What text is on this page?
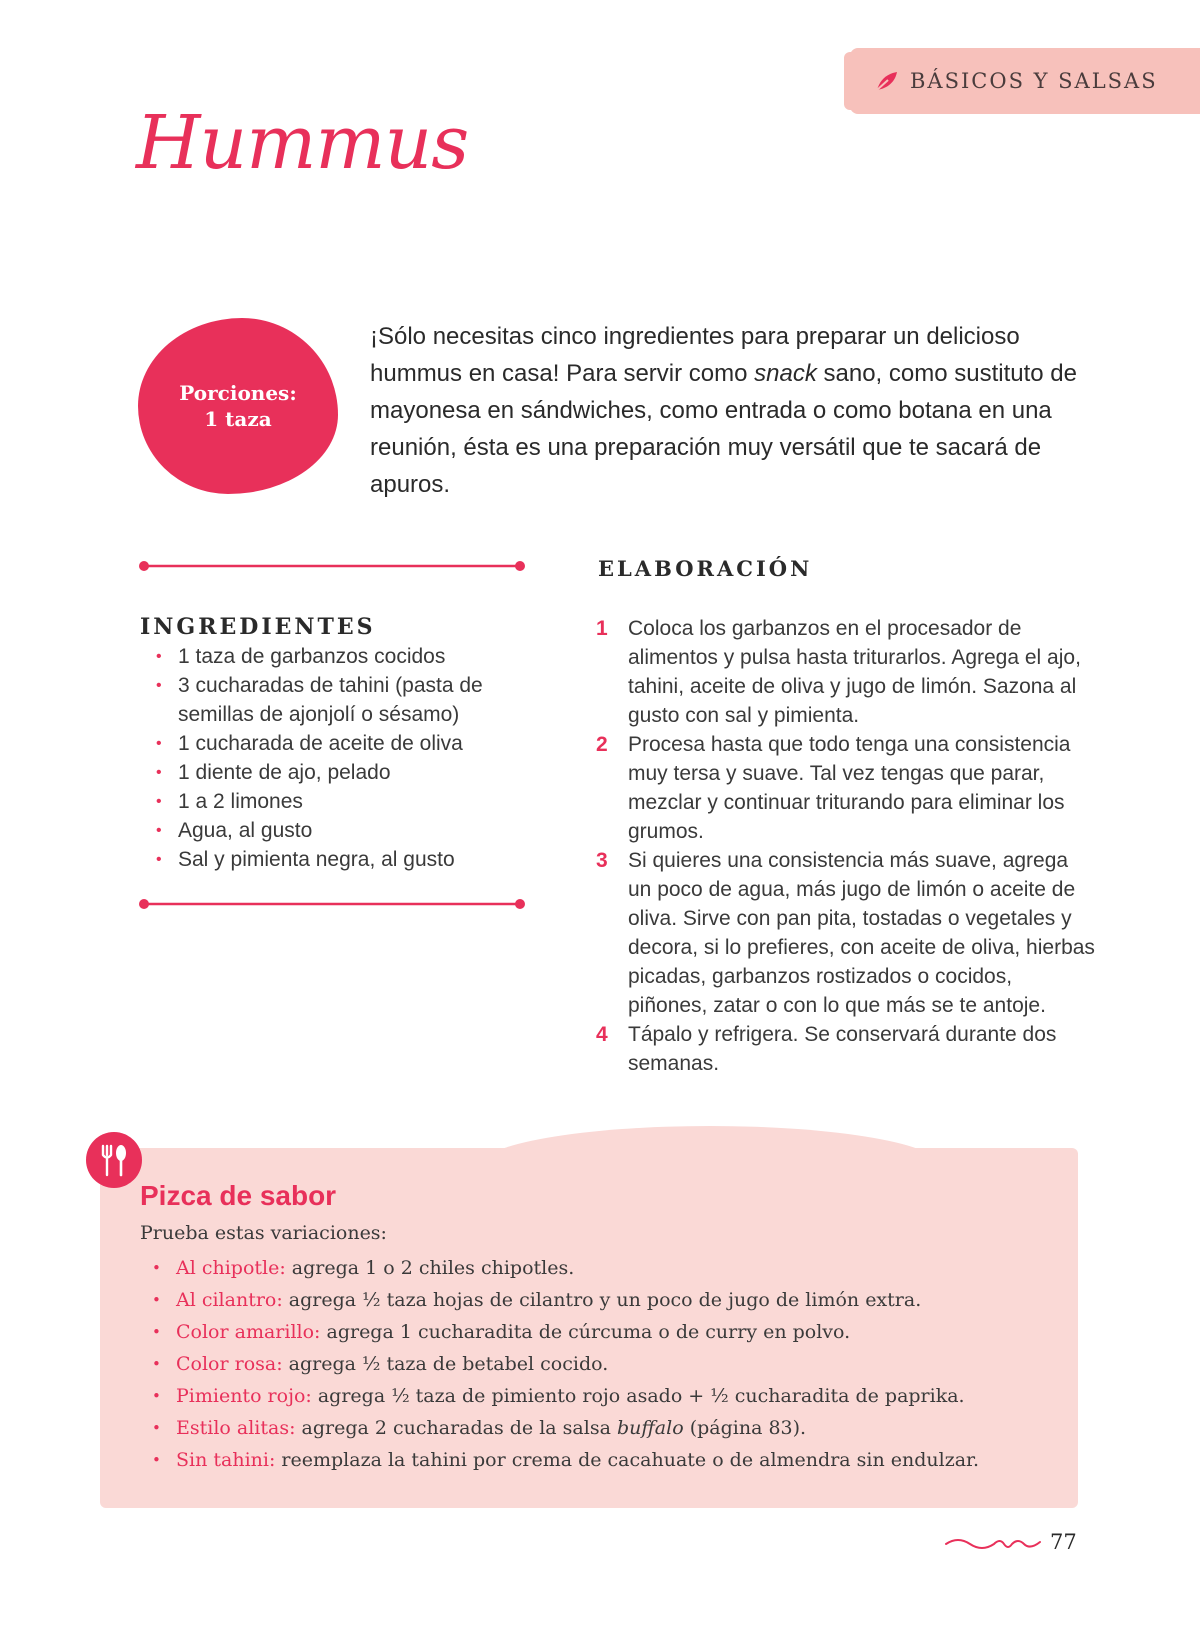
BÁSICOS Y SALSAS
Hummus
Porciones:
1 taza

¡Sólo necesitas cinco ingredientes para preparar un delicioso hummus en casa! Para servir como snack sano, como sustituto de mayonesa en sándwiches, como entrada o como botana en una reunión, ésta es una preparación muy versátil que te sacará de apuros.

INGREDIENTES
• 1 taza de garbanzos cocidos
• 3 cucharadas de tahini (pasta de semillas de ajonjolí o sésamo)
• 1 cucharada de aceite de oliva
• 1 diente de ajo, pelado
• 1 a 2 limones
• Agua, al gusto
• Sal y pimienta negra, al gusto
ELABORACIÓN
1 Coloca los garbanzos en el procesador de alimentos y pulsa hasta triturarlos. Agrega el ajo, tahini, aceite de oliva y jugo de limón. Sazona al gusto con sal y pimienta.
2 Procesa hasta que todo tenga una consistencia muy tersa y suave. Tal vez tengas que parar, mezclar y continuar triturando para eliminar los grumos.
3 Si quieres una consistencia más suave, agrega un poco de agua, más jugo de limón o aceite de oliva. Sirve con pan pita, tostadas o vegetales y decora, si lo prefieres, con aceite de oliva, hierbas picadas, garbanzos rostizados o cocidos, piñones, zatar o con lo que más se te antoje.
4 Tápalo y refrigera. Se conservará durante dos semanas.
Pizca de sabor

Prueba estas variaciones:

• Al chipotle: agrega 1 o 2 chiles chipotles.
• Al cilantro: agrega ½ taza hojas de cilantro y un poco de jugo de limón extra.
• Color amarillo: agrega 1 cucharadita de cúrcuma o de curry en polvo.
• Color rosa: agrega ½ taza de betabel cocido.
• Pimiento rojo: agrega ½ taza de pimiento rojo asado + ½ cucharadita de paprika.
• Estilo alitas: agrega 2 cucharadas de la salsa buffalo (página 83).
• Sin tahini: reemplaza la tahini por crema de cacahuate o de almendra sin endulzar.

77
